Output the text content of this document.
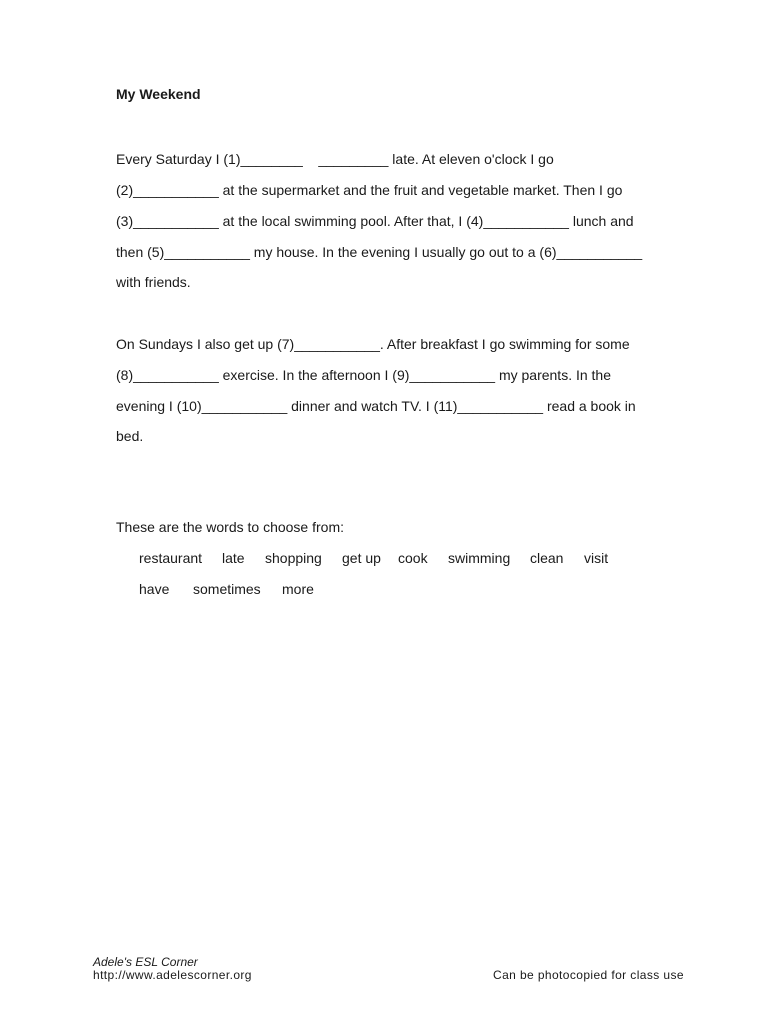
My Weekend
Every Saturday I (1)________    _________ late. At eleven o'clock I go
(2)___________ at the supermarket and the fruit and vegetable market. Then I go
(3)___________ at the local swimming pool. After that, I (4)___________ lunch and
then (5)___________ my house. In the evening I usually go out to a (6)___________
with friends.
On Sundays I also get up (7)___________. After breakfast I go swimming for some
(8)___________ exercise. In the afternoon I (9)___________ my parents. In the
evening I (10)___________ dinner and watch TV. I (11)___________ read a book in
bed.
These are the words to choose from:
restaurant late shopping get up cook swimming clean visit
have sometimes more
Adele's ESL Corner
http://www.adelescorner.org	Can be photocopied for class use
